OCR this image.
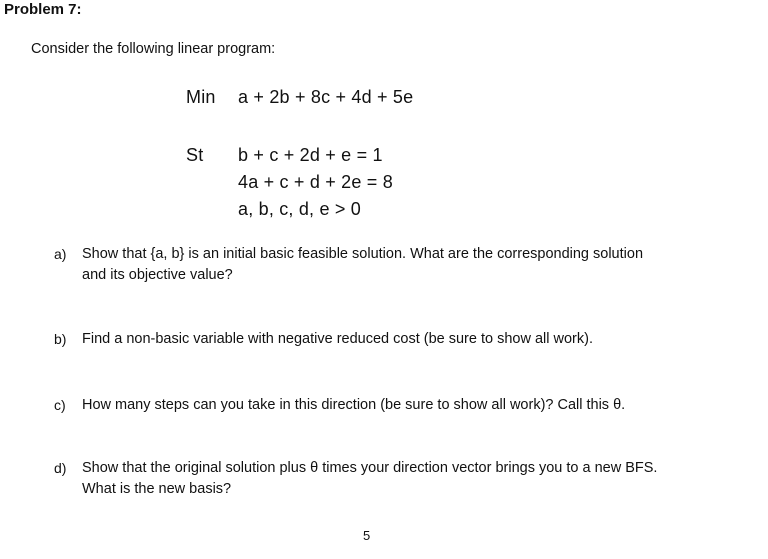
Problem 7:
Consider the following linear program:
Min a + 2b + 8c + 4d + 5e
St b + c + 2d + e = 1
4a + c + d + 2e = 8
a, b, c, d, e > 0
a) Show that {a, b} is an initial basic feasible solution. What are the corresponding solution
and its objective value?
b) Find a non-basic variable with negative reduced cost (be sure to show all work).
c) How many steps can you take in this direction (be sure to show all work)? Call this θ.
d) Show that the original solution plus θ times your direction vector brings you to a new BFS.
What is the new basis?
5
